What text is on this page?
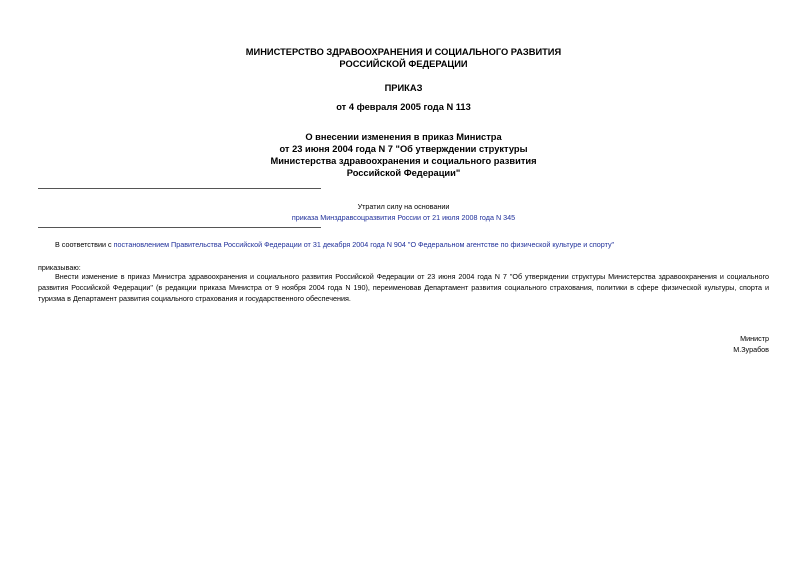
МИНИСТЕРСТВО ЗДРАВООХРАНЕНИЯ И СОЦИАЛЬНОГО РАЗВИТИЯ
РОССИЙСКОЙ ФЕДЕРАЦИИ
ПРИКАЗ
от 4 февраля 2005 года N 113
О внесении изменения в приказ Министра
от 23 июня 2004 года N 7 "Об утверждении структуры
Министерства здравоохранения и социального развития
Российской Федерации"
Утратил силу на основании
приказа Минздравсоцразвития России от 21 июля 2008 года N 345
В соответствии с постановлением Правительства Российской Федерации от 31 декабря 2004 года N 904 "О Федеральном агентстве по физической культуре и спорту"
приказываю:
Внести изменение в приказ Министра здравоохранения и социального развития Российской Федерации от 23 июня 2004 года N 7 "Об утверждении структуры Министерства здравоохранения и социального развития Российской Федерации" (в редакции приказа Министра от 9 ноября 2004 года N 190), переименовав Департамент развития социального страхования, политики в сфере физической культуры, спорта и туризма в Департамент развития социального страхования и государственного обеспечения.
Министр
М.Зурабов
